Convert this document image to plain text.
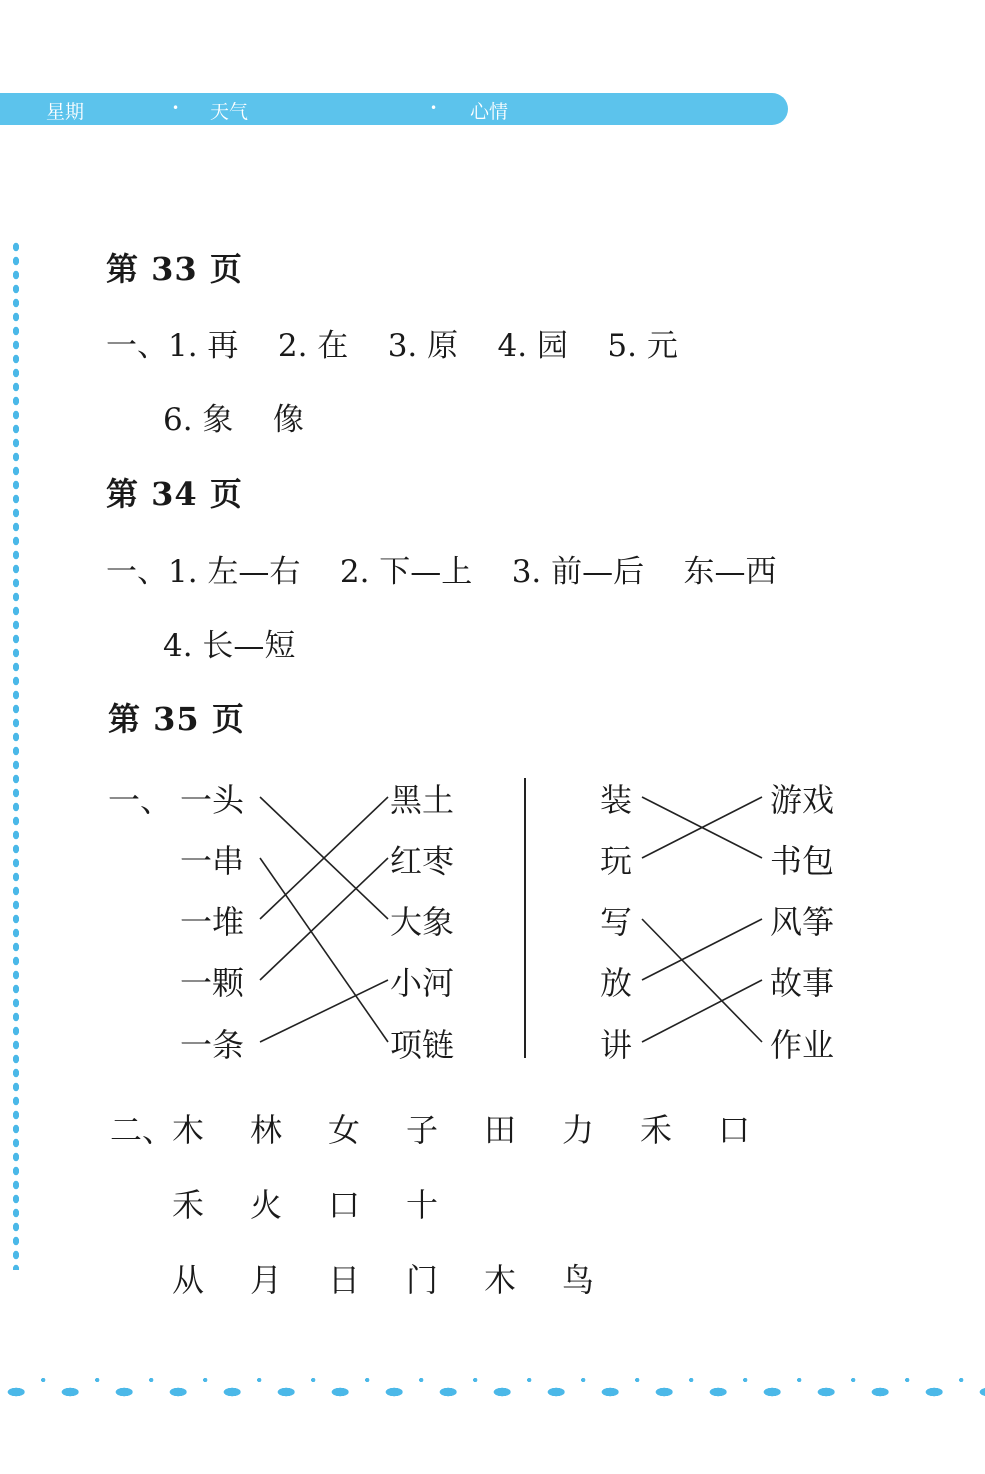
星期	• 天气	• 心情
第 33 页
一、1. 再    2. 在    3. 原    4. 园    5. 元
6. 象    像
第 34 页
一、1. 左—右    2. 下—上    3. 前—后    东—西
4. 长—短
第 35 页
一、 一头
一串
一堆
一颗
一条
黑土
红枣
大象
小河
项链
装
玩
写
放
讲
游戏
书包
风筝
故事
作业
二、
木 林 女 子 田 力 禾 口
禾 火 口 十
从 月 日 门 木 鸟
